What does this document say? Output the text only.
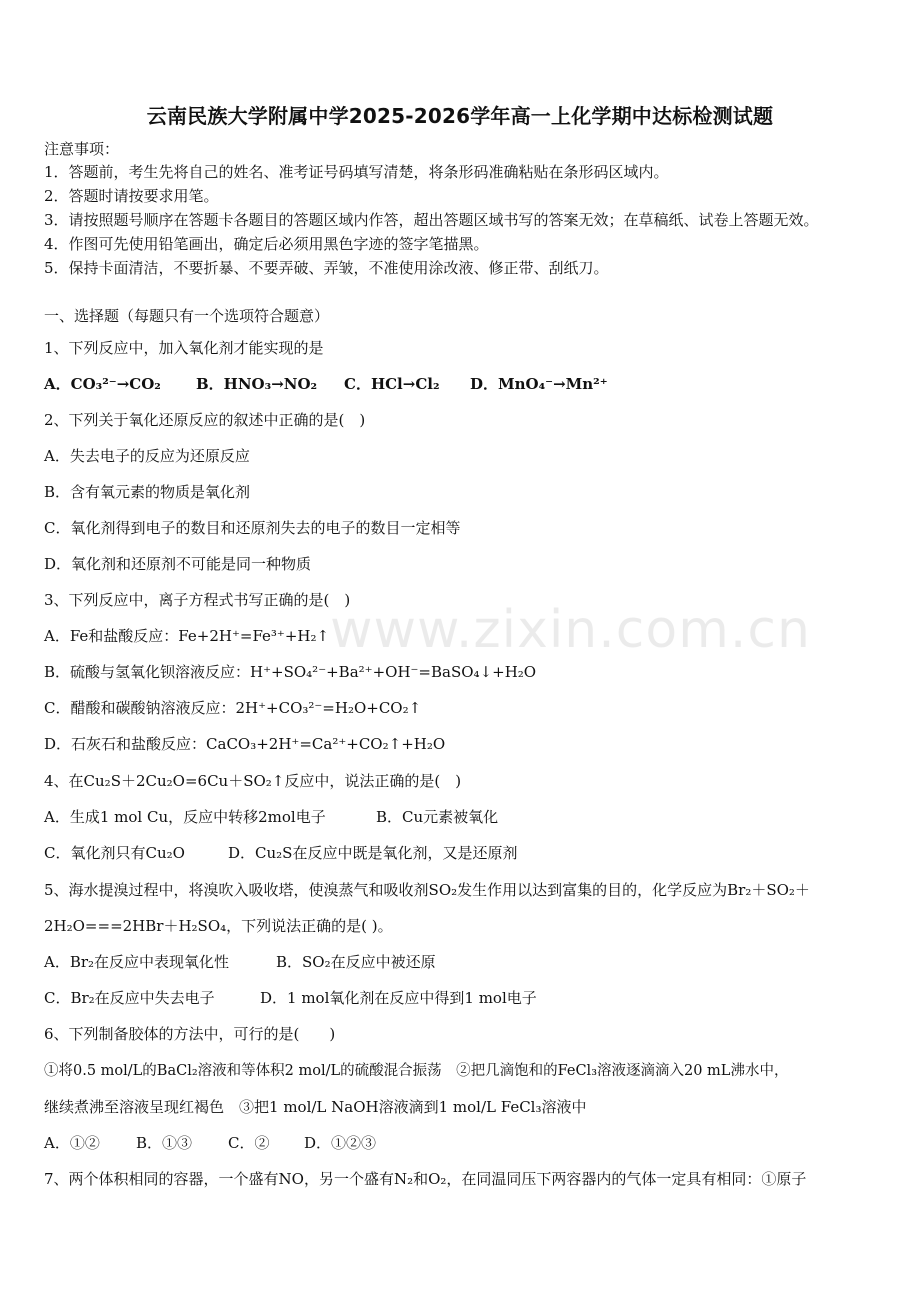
www.zixin.com.cn
云南民族大学附属中学2025-2026学年高一上化学期中达标检测试题
注意事项：
1．答题前，考生先将自己的姓名、准考证号码填写清楚，将条形码准确粘贴在条形码区域内。
2．答题时请按要求用笔。
3．请按照题号顺序在答题卡各题目的答题区域内作答，超出答题区域书写的答案无效；在草稿纸、试卷上答题无效。
4．作图可先使用铅笔画出，确定后必须用黑色字迹的签字笔描黑。
5．保持卡面清洁，不要折暴、不要弄破、弄皱，不准使用涂改液、修正带、刮纸刀。
一、选择题（每题只有一个选项符合题意）
1、下列反应中，加入氧化剂才能实现的是
A．CO₃²⁻→CO₂ B．HNO₃→NO₂ C．HCl→Cl₂ D．MnO₄⁻→Mn²⁺
2、下列关于氧化还原反应的叙述中正确的是(　)
A．失去电子的反应为还原反应
B．含有氧元素的物质是氧化剂
C．氧化剂得到电子的数目和还原剂失去的电子的数目一定相等
D．氧化剂和还原剂不可能是同一种物质
3、下列反应中，离子方程式书写正确的是(　)
A．Fe和盐酸反应：Fe+2H⁺=Fe³⁺+H₂↑
B．硫酸与氢氧化钡溶液反应：H⁺+SO₄²⁻+Ba²⁺+OH⁻=BaSO₄↓+H₂O
C．醋酸和碳酸钠溶液反应：2H⁺+CO₃²⁻=H₂O+CO₂↑
D．石灰石和盐酸反应：CaCO₃+2H⁺=Ca²⁺+CO₂↑+H₂O
4、在Cu₂S＋2Cu₂O=6Cu＋SO₂↑反应中，说法正确的是(　)
A．生成1 mol Cu，反应中转移2mol电子	B．Cu元素被氧化
C．氧化剂只有Cu₂O	D．Cu₂S在反应中既是氧化剂，又是还原剂
5、海水提溴过程中，将溴吹入吸收塔，使溴蒸气和吸收剂SO₂发生作用以达到富集的目的，化学反应为Br₂＋SO₂＋
2H₂O===2HBr＋H₂SO₄，下列说法正确的是( )。
A．Br₂在反应中表现氧化性	B．SO₂在反应中被还原
C．Br₂在反应中失去电子	D．1 mol氧化剂在反应中得到1 mol电子
6、下列制备胶体的方法中，可行的是(　　)
①将0.5 mol/L的BaCl₂溶液和等体积2 mol/L的硫酸混合振荡　②把几滴饱和的FeCl₃溶液逐滴滴入20 mL沸水中，
继续煮沸至溶液呈现红褐色　③把1 mol/L NaOH溶液滴到1 mol/L FeCl₃溶液中
A．①② B．①③ C．② D．①②③
7、两个体积相同的容器，一个盛有NO，另一个盛有N₂和O₂，在同温同压下两容器内的气体一定具有相同：①原子
